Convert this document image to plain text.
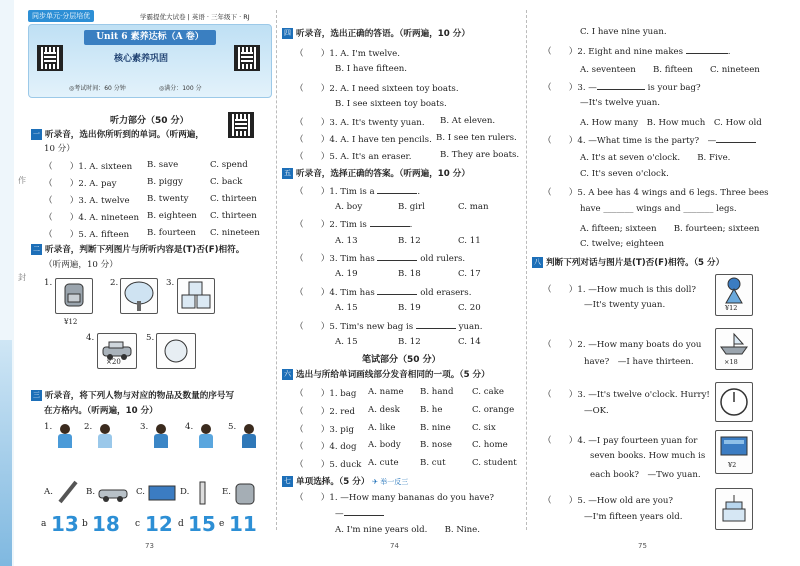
作
封
同步单元·分层培优	学霸提优大试卷 | 英语 · 三年级下 · RJ
Unit 6 素养达标（A 卷）
核心素养巩固
◎考试时间：60 分钟	◎满分：100 分
听力部分（50 分）
一 听录音，选出你所听到的单词。（听两遍，
10 分）
（　　）1. A. sixteen B. save	C. spend
（　　）2. A. pay	B. piggy	C. back
（　　）3. A. twelve B. twenty C. thirteen
（　　）4. A. nineteen B. eighteen C. thirteen
（　　）5. A. fifteen B. fourteen C. nineteen
二 听录音，判断下列图片与所听内容是(T)否(F)相符。
（听两遍，10 分）
1.
¥12
2.	3.
4.
×20
5.
三 听录音，将下列人物与对应的物品及数量的序号写
在方格内。（听两遍，10 分）
1.	2.	3.	4.	5.
A.	B.	C.	D.	E.
a 13 b 18 c 12 d 15 e 11
73
四 听录音，选出正确的答语。（听两遍，10 分）
（　　）1. A. I'm twelve.
B. I have fifteen.
（　　）2. A. I need sixteen toy boats.
B. I see sixteen toy boats.
（　　）3. A. It's twenty yuan. B. At eleven.
（　　）4. A. I have ten pencils. B. I see ten rulers.
（　　）5. A. It's an eraser.	B. They are boats.
五 听录音，选择正确的答案。（听两遍，10 分）
（　　）1. Tim is a	.
A. boy	B. girl	C. man
（　　）2. Tim is	.
A. 13	B. 12	C. 11
（　　）3. Tim has	old rulers.
A. 19	B. 18	C. 17
（　　）4. Tim has	old erasers.
A. 15	B. 19	C. 20
（　　）5. Tim's new bag is	yuan.
A. 15	B. 12	C. 14
笔试部分（50 分）
六 选出与所给单词画线部分发音相同的一项。（5 分）
（　　）1. bag A. name B. hand C. cake
（　　）2. red A. desk B. he	C. orange
（　　）3. pig A. like	B. nine C. six
（　　）4. dog A. body B. nose C. home
（　　）5. duck A. cute B. cut	C. student
七 单项选择。（5 分） ✈ 举一反三
（　　）1. —How many bananas do you have?
—
A. I'm nine years old.　　B. Nine.
74
C. I have nine yuan.
（　　）2. Eight and nine makes	.
A. seventeen　　B. fifteen　　C. nineteen
（　　）3. —	is your bag?
—It's twelve yuan.
A. How many　B. How much　C. How old
（　　）4. —What time is the party?　—
A. It's at seven o'clock.　　B. Five.
C. It's seven o'clock.
（　　）5. A bee has 4 wings and 6 legs. Three bees
have _______ wings and _______ legs.
A. fifteen; sixteen　　B. fourteen; sixteen
C. twelve; eighteen
八 判断下列对话与图片是(T)否(F)相符。（5 分）
（　　）1. —How much is this doll?
—It's twenty yuan.	¥12
（　　）2. —How many boats do you
have?　—I have thirteen.	×18
（　　）3. —It's twelve o'clock. Hurry!
—OK.
（　　）4. —I pay fourteen yuan for
seven books. How much is
each book?　—Two yuan.
¥2
（　　）5. —How old are you?
—I'm fifteen years old.
75
